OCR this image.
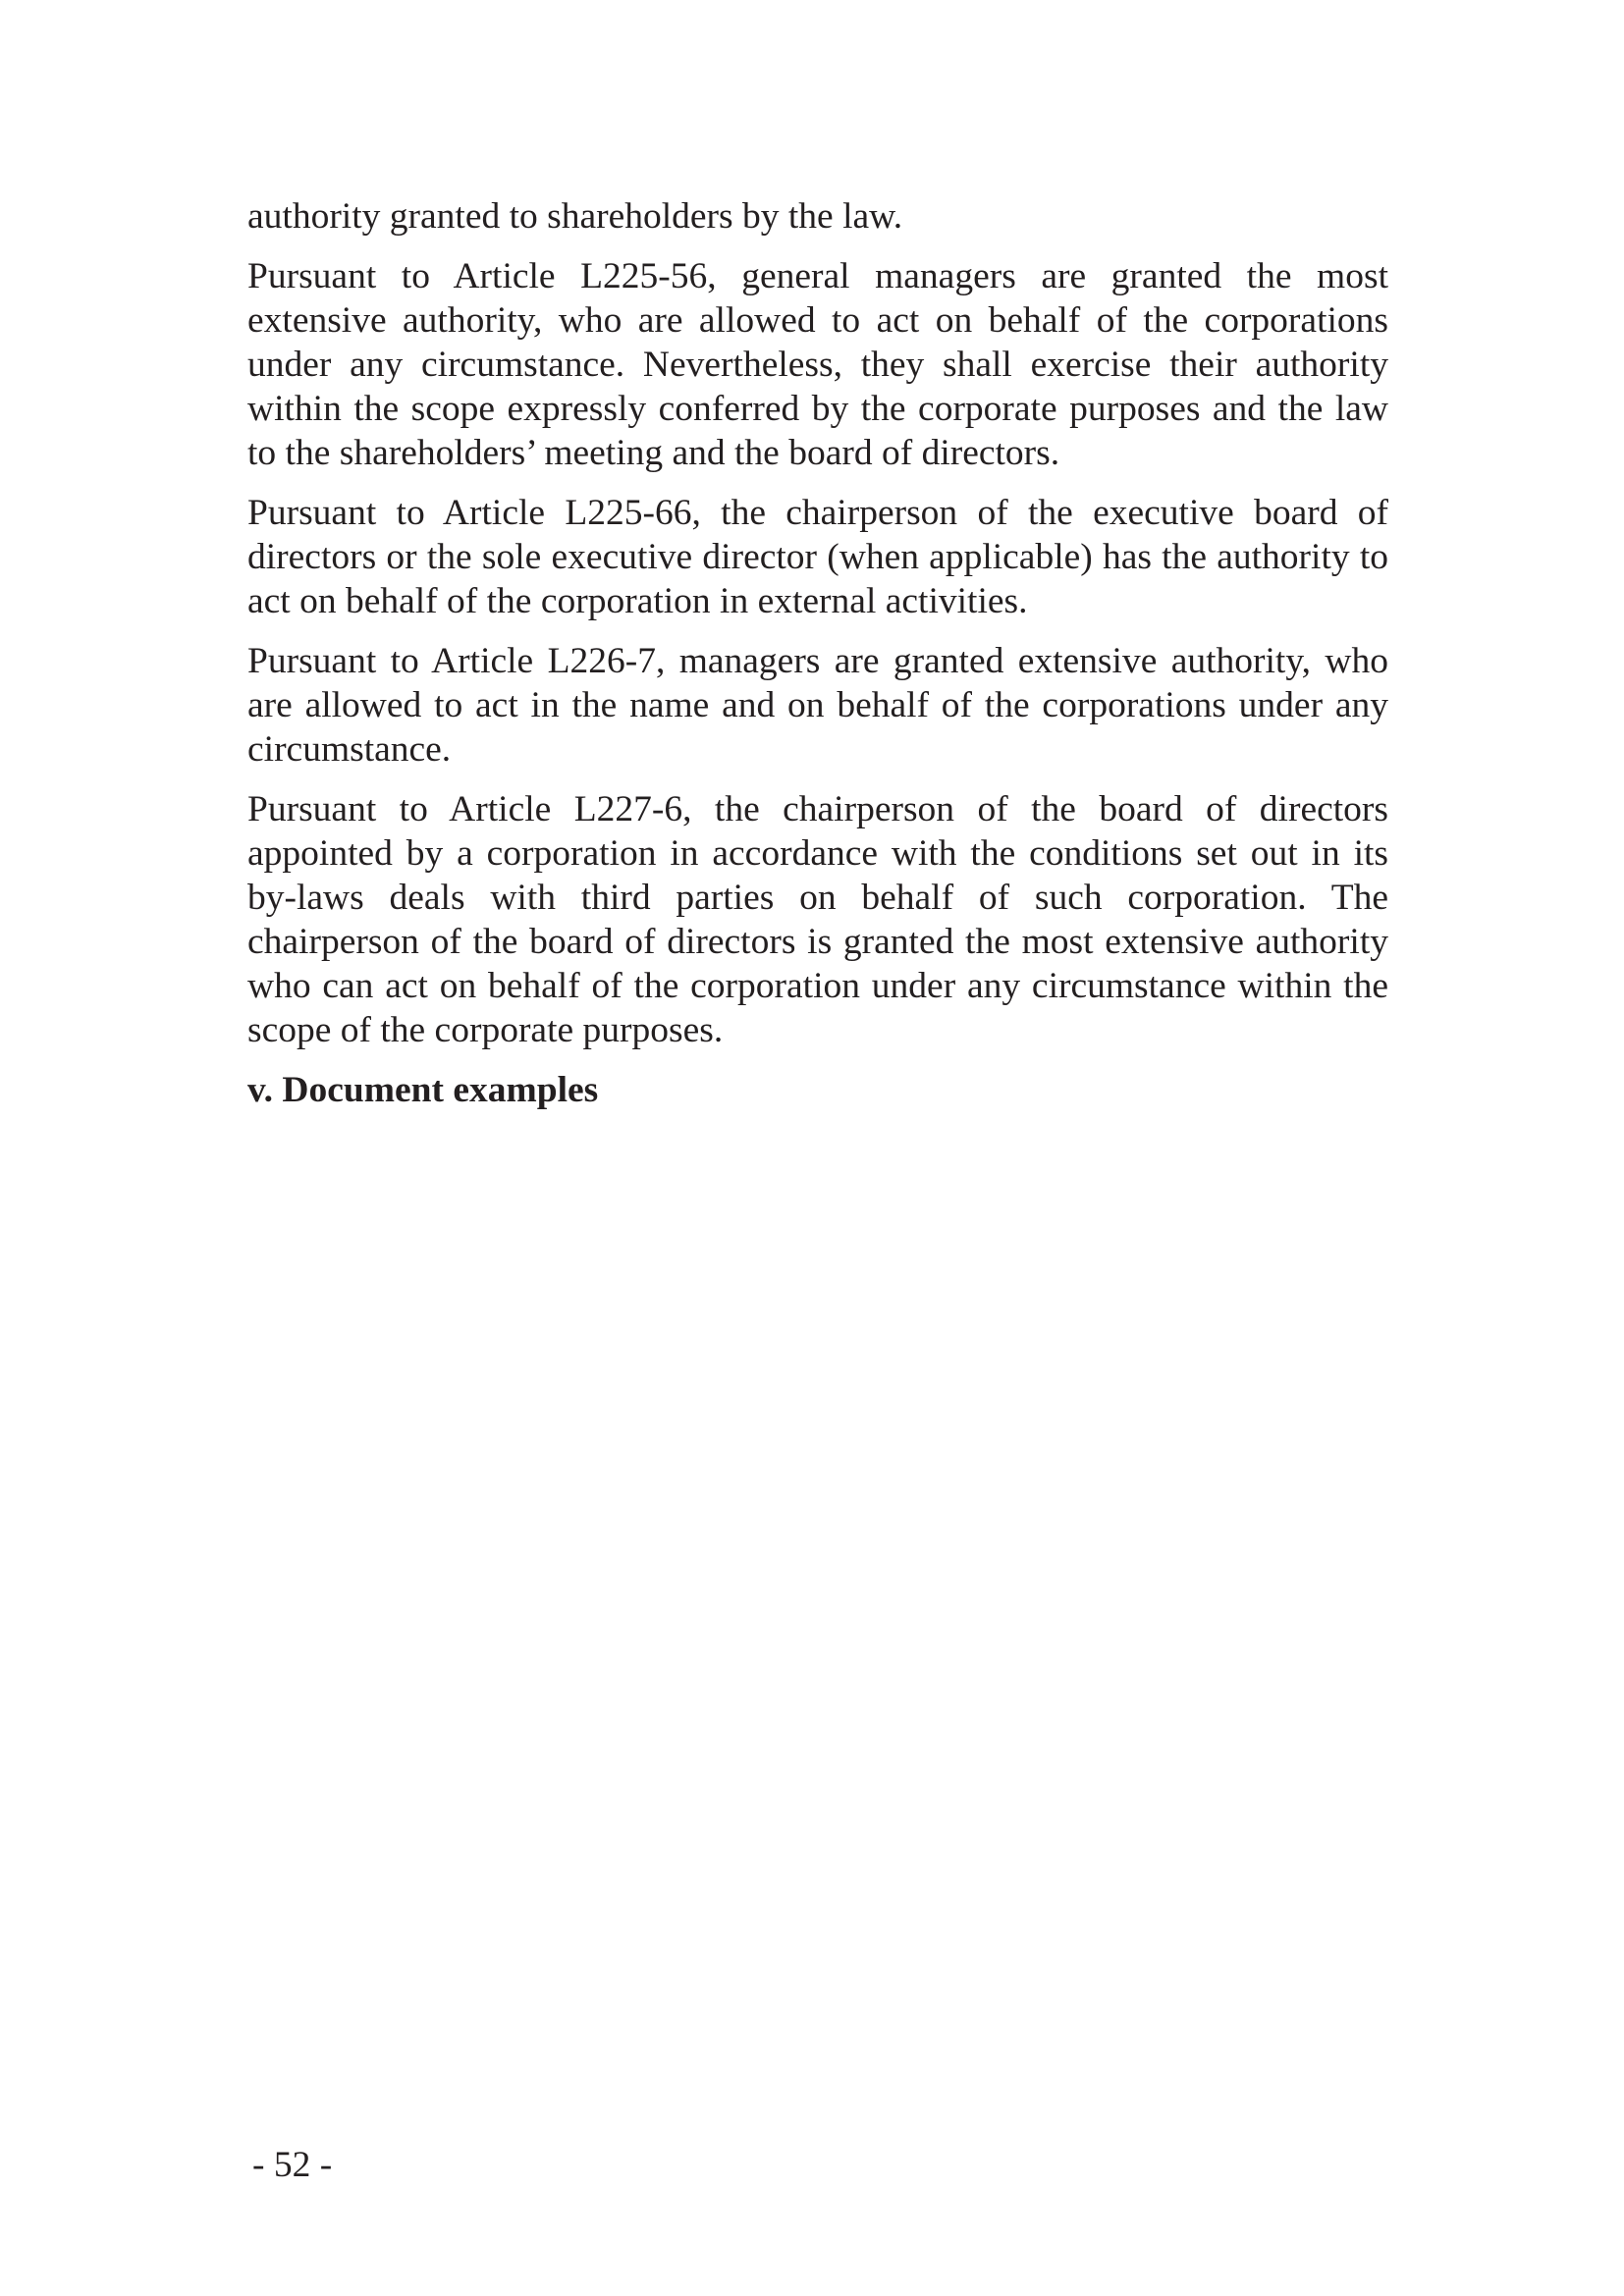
authority granted to shareholders by the law.

Pursuant to Article L225-56, general managers are granted the most extensive authority, who are allowed to act on behalf of the corporations under any circumstance. Nevertheless, they shall exercise their authority within the scope expressly conferred by the corporate purposes and the law to the shareholders’ meeting and the board of directors.

Pursuant to Article L225-66, the chairperson of the executive board of directors or the sole executive director (when applicable) has the authority to act on behalf of the corporation in external activities.

Pursuant to Article L226-7, managers are granted extensive authority, who are allowed to act in the name and on behalf of the corporations under any circumstance.

Pursuant to Article L227-6, the chairperson of the board of directors appointed by a corporation in accordance with the conditions set out in its by-laws deals with third parties on behalf of such corporation. The chairperson of the board of directors is granted the most extensive authority who can act on behalf of the corporation under any circumstance within the scope of the corporate purposes.

v. Document examples
- 52 -
